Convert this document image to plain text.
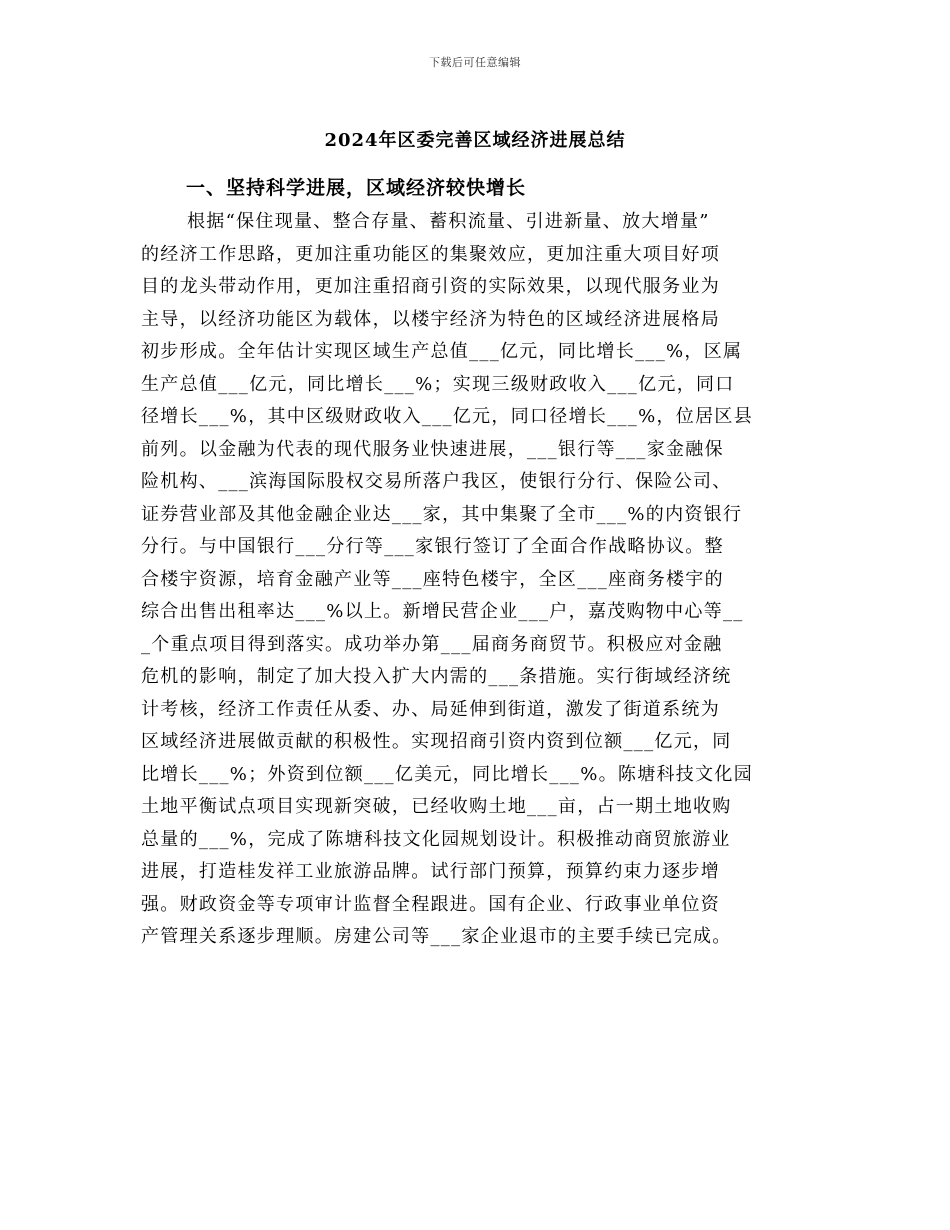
下载后可任意编辑
2024年区委完善区域经济进展总结
一、坚持科学进展，区域经济较快增长
根据“保住现量、整合存量、蓄积流量、引进新量、放大增量”
的经济工作思路，更加注重功能区的集聚效应，更加注重大项目好项
目的龙头带动作用，更加注重招商引资的实际效果，以现代服务业为
主导，以经济功能区为载体，以楼宇经济为特色的区域经济进展格局
初步形成。全年估计实现区域生产总值___亿元，同比增长___%，区属
生产总值___亿元，同比增长___%；实现三级财政收入___亿元，同口
径增长___%，其中区级财政收入___亿元，同口径增长___%，位居区县
前列。以金融为代表的现代服务业快速进展，___银行等___家金融保
险机构、___滨海国际股权交易所落户我区，使银行分行、保险公司、
证券营业部及其他金融企业达___家，其中集聚了全市___%的内资银行
分行。与中国银行___分行等___家银行签订了全面合作战略协议。整
合楼宇资源，培育金融产业等___座特色楼宇，全区___座商务楼宇的
综合出售出租率达___%以上。新增民营企业___户，嘉茂购物中心等__
_个重点项目得到落实。成功举办第___届商务商贸节。积极应对金融
危机的影响，制定了加大投入扩大内需的___条措施。实行街域经济统
计考核，经济工作责任从委、办、局延伸到街道，激发了街道系统为
区域经济进展做贡献的积极性。实现招商引资内资到位额___亿元，同
比增长___%；外资到位额___亿美元，同比增长___%。陈塘科技文化园
土地平衡试点项目实现新突破，已经收购土地___亩，占一期土地收购
总量的___%，完成了陈塘科技文化园规划设计。积极推动商贸旅游业
进展，打造桂发祥工业旅游品牌。试行部门预算，预算约束力逐步增
强。财政资金等专项审计监督全程跟进。国有企业、行政事业单位资
产管理关系逐步理顺。房建公司等___家企业退市的主要手续已完成。
